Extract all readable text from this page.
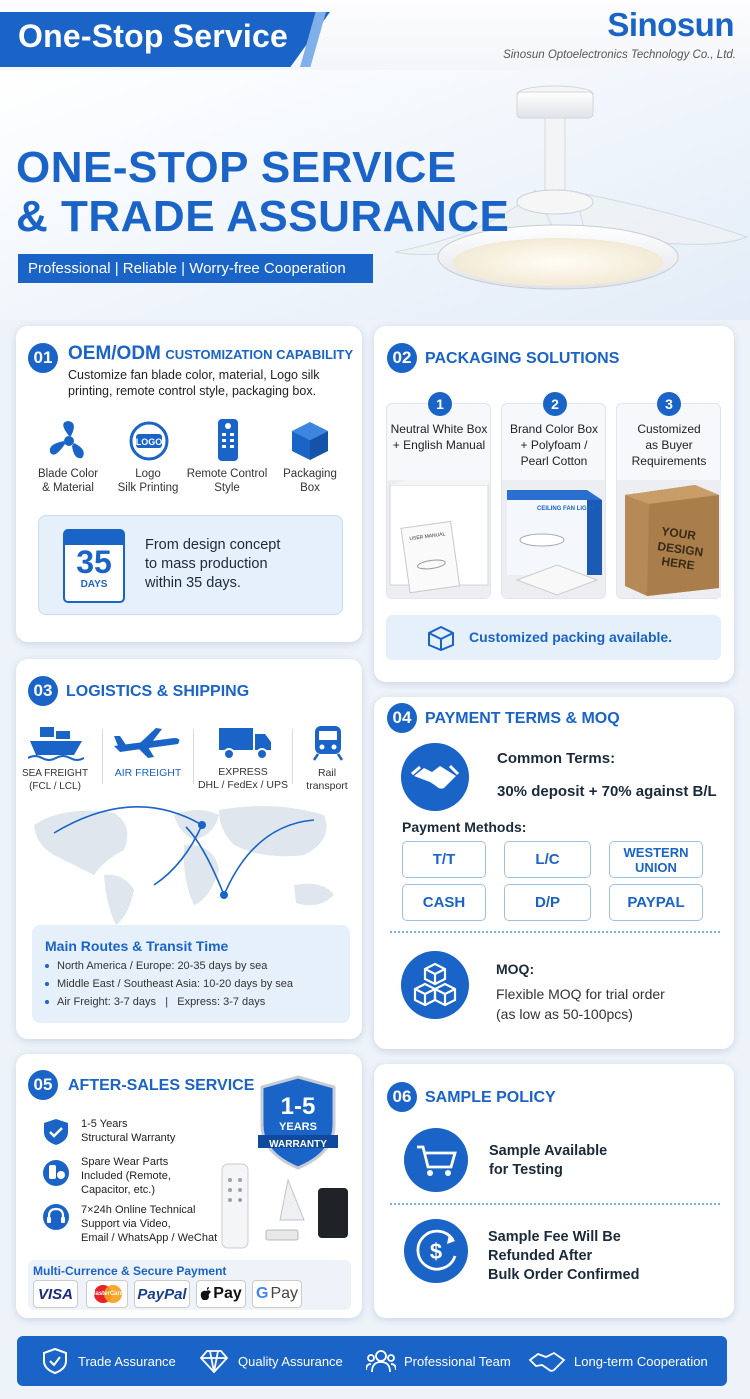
One-Stop Service	Sinosun
Sinosun Optoelectronics Technology Co., Ltd.
ONE-STOP SERVICE
& TRADE ASSURANCE
Professional | Reliable | Worry-free Cooperation
01 OEM/ODM CUSTOMIZATION CAPABILITY
Customize fan blade color, material, Logo silk
printing, remote control style, packaging box.
LOGO
Blade Color
& Material
Logo
Silk Printing
Remote Control
Style
Packaging
Box
35
DAYS
From design concept
to mass production
within 35 days.
02 PACKAGING SOLUTIONS
1
Neutral White Box
+ English Manual
USER MANUAL
2
Brand Color Box
+ Polyfoam /
Pearl Cotton
CEILING FAN LIGHT
3
Customized
as Buyer
Requirements
YOUR
DESIGN
HERE
Customized packing available.
03 LOGISTICS & SHIPPING
SEA FREIGHT
(FCL / LCL)
AIR FREIGHT	EXPRESS
DHL / FedEx / UPS
Rail
transport
Main Routes & Transit Time
North America / Europe: 20-35 days by sea
Middle East / Southeast Asia: 10-20 days by sea
Air Freight: 3-7 days   |   Express: 3-7 days
04 PAYMENT TERMS & MOQ
Common Terms:
30% deposit + 70% against B/L
Payment Methods:
T/T	L/C	WESTERN UNION
CASH	D/P	PAYPAL
MOQ:
Flexible MOQ for trial order
(as low as 50-100pcs)
05 AFTER-SALES SERVICE
1-5 Years
Structural Warranty
Spare Wear Parts
Included (Remote,
Capacitor, etc.)
7×24h Online Technical
Support via Video,
Email / WhatsApp / WeChat
1-5
YEARS
WARRANTY
Multi-Currence & Secure Payment
VISA	MasterCard PayPal Pay G Pay
06 SAMPLE POLICY
Sample Available
for Testing
$
Sample Fee Will Be
Refunded After
Bulk Order Confirmed
Trade Assurance	Quality Assurance	Professional Team	Long-term Cooperation
